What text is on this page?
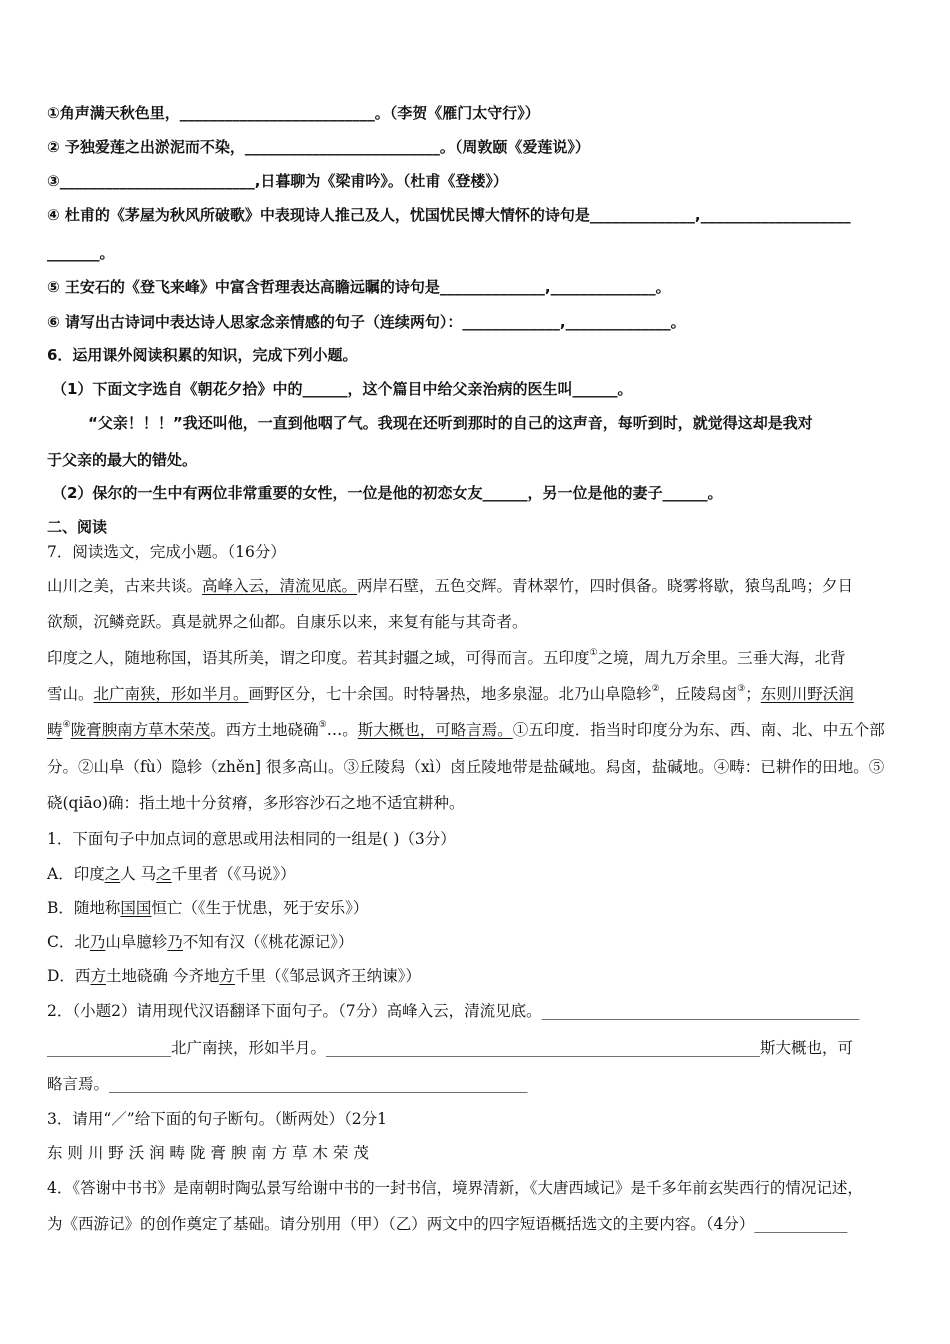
①角声满天秋色里，__________________________。（李贺《雁门太守行》）
② 予独爱莲之出淤泥而不染，__________________________。（周敦颐《爱莲说》）
③__________________________,日暮聊为《梁甫吟》。（杜甫《登楼》）
④ 杜甫的《茅屋为秋风所破歌》中表现诗人推己及人，忧国忧民博大情怀的诗句是______________,____________________
_______。
⑤ 王安石的《登飞来峰》中富含哲理表达高瞻远瞩的诗句是______________,______________。
⑥ 请写出古诗词中表达诗人思家念亲情感的句子（连续两句）：_____________,______________。
6．运用课外阅读积累的知识，完成下列小题。
（1）下面文字选自《朝花夕拾》中的______，这个篇目中给父亲治病的医生叫______。
“父亲！！！”我还叫他，一直到他咽了气。我现在还听到那时的自己的这声音，每听到时，就觉得这却是我对
于父亲的最大的错处。
（2）保尔的一生中有两位非常重要的女性，一位是他的初恋女友______，另一位是他的妻子______。
二、阅读
7．阅读选文，完成小题。（16分）
山川之美，古来共谈。高峰入云，清流见底。两岸石壁，五色交辉。青林翠竹，四时俱备。晓雾将歇，猿鸟乱鸣；夕日
欲颓，沉鳞竞跃。真是就界之仙都。自康乐以来，来复有能与其奇者。
印度之人，随地称国，语其所美，谓之印度。若其封疆之域，可得而言。五印度①之境，周九万余里。三垂大海，北背
雪山。北广南狭，形如半月。画野区分，七十余国。时特暑热，地多泉湿。北乃山阜隐轸②，丘陵舄卤③；东则川野沃润
畴④陇膏腴南方草木荣茂。西方土地硗确⑤…。斯大概也，可略言焉。①五印度．指当时印度分为东、西、南、北、中五个部
分。②山阜（fù）隐轸（zhěn] 很多高山。③丘陵舄（xì）卤丘陵地带是盐碱地。舄卤，盐碱地。④畴：已耕作的田地。⑤
硗(qiāo)确：指土地十分贫瘠，多形容沙石之地不适宜耕种。
1．下面句子中加点词的意思或用法相同的一组是( )（3分）
A．印度之人 马之千里者（《马说》）
B．随地称国国恒亡（《生于忧患，死于安乐》）
C．北乃山阜臆轸乃不知有汉（《桃花源记》）
D．西方土地硗确 今齐地方千里（《邹忌讽齐王纳谏》）
2．（小题2）请用现代汉语翻译下面句子。（7分）高峰入云，清流见底。_________________________________________
________________北广南挟，形如半月。________________________________________________________斯大概也，可
略言焉。______________________________________________________
3．请用“／”给下面的句子断句。（断两处）（2分1
东 则 川 野 沃 润 畴 陇 膏 腴 南 方 草 木 荣 茂
4．《答谢中书书》是南朝时陶弘景写给谢中书的一封书信，境界清新，《大唐西域记》是千多年前玄奘西行的情况记述，
为《西游记》的创作奠定了基础。请分别用（甲）（乙）两文中的四字短语概括选文的主要内容。（4分）____________
